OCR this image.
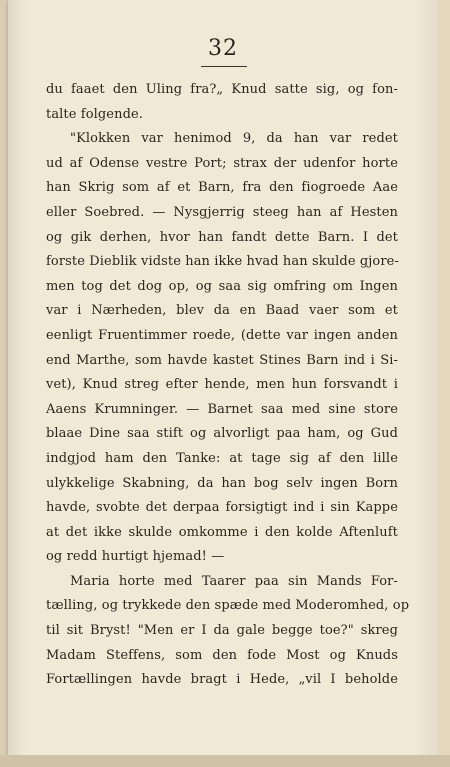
32
du faaet den Uling fra?„ Knud satte sig, og fon‑
talte folgende.
"Klokken var henimod 9, da han var redet
ud af Odense vestre Port; strax der udenfor horte
han Skrig som af et Barn, fra den fiogroede Aae
eller Soebred. — Nysgjerrig steeg han af Hesten
og gik derhen, hvor han fandt dette Barn. I det
forste Dieblik vidste han ikke hvad han skulde gjore‑
men tog det dog op, og saa sig omfring om Ingen
var i Nærheden, blev da en Baad vaer som et
eenligt Fruentimmer roede, (dette var ingen anden
end Marthe, som havde kastet Stines Barn ind i Si‑
vet), Knud streg efter hende, men hun forsvandt i
Aaens Krumninger. — Barnet saa med sine store
blaae Dine saa stift og alvorligt paa ham, og Gud
indgjod ham den Tanke: at tage sig af den lille
ulykkelige Skabning, da han bog selv ingen Born
havde, svobte det derpaa forsigtigt ind i sin Kappe
at det ikke skulde omkomme i den kolde Aftenluft
og redd hurtigt hjemad! —
Maria horte med Taarer paa sin Mands For‑
tælling, og trykkede den spæde med Moderomhed, op
til sit Bryst! "Men er I da gale begge toe?" skreg
Madam Steffens, som den fode Most og Knuds
Fortællingen havde bragt i Hede, „vil I beholde
